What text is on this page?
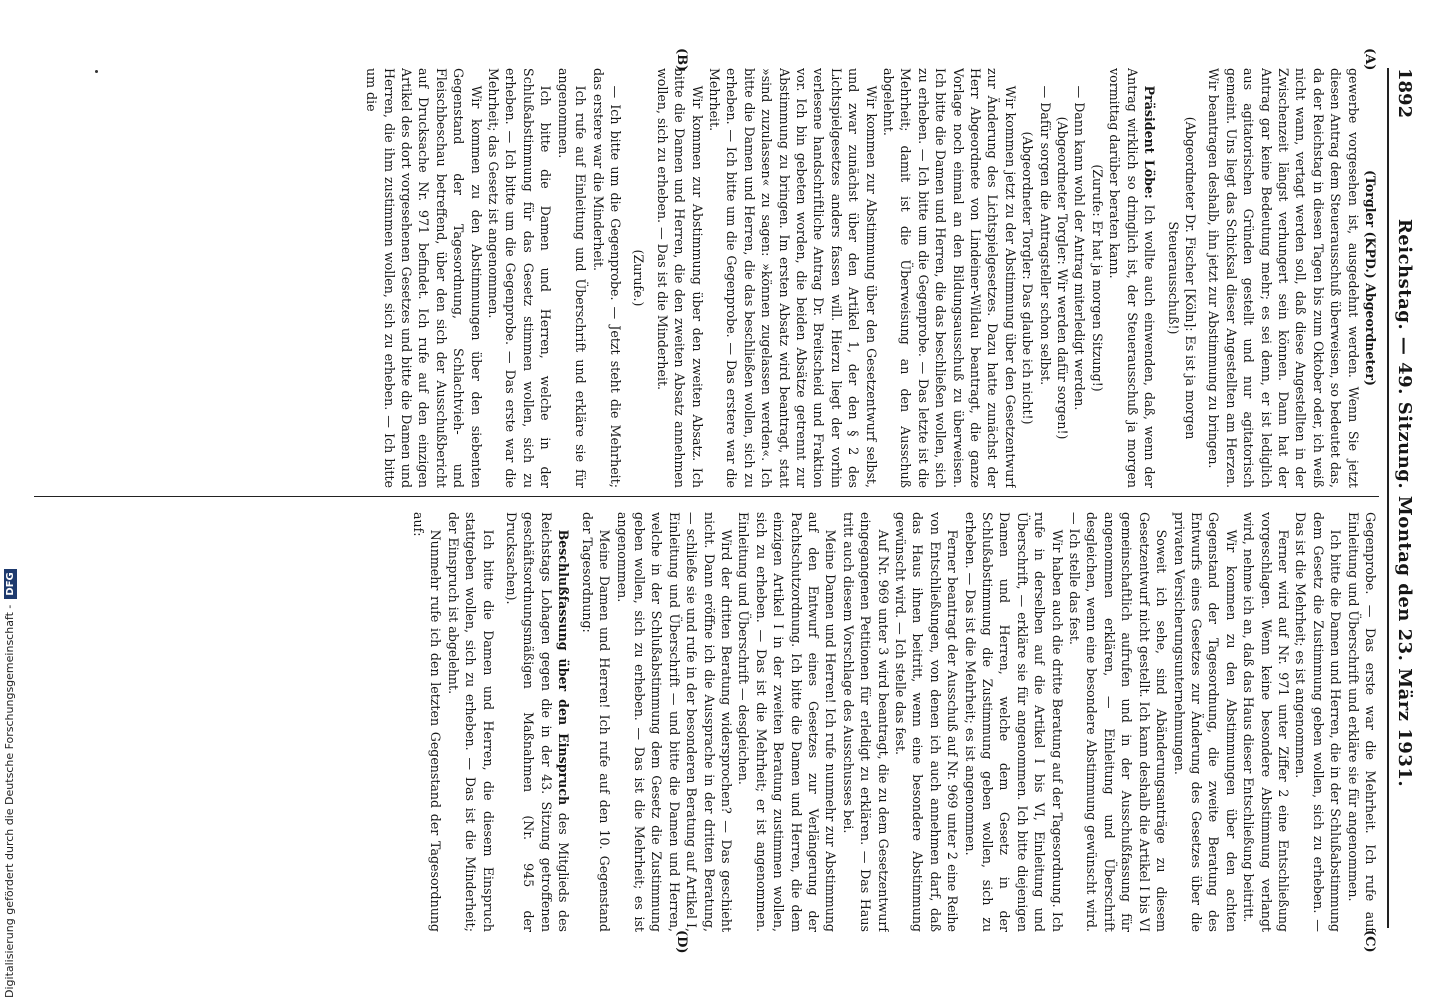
1892
Reichstag. — 49. Sitzung. Montag den 23. März 1931.
(A)
(B)
(C)
(D)

(Torgler (KPD.) Abgeordneter)

gewerbe vorgesehen ist, ausgedehnt werden. Wenn Sie jetzt diesen Antrag dem Steuerausschuß überweisen, so bedeutet das, da der Reichstag in diesen Tagen bis zum Oktober oder, ich weiß nicht wann, vertagt werden soll, daß diese Angestellten in der Zwischenzeit längst verhungert sein können. Dann hat der Antrag gar keine Bedeutung mehr; es sei denn, er ist lediglich aus agitatorischen Gründen gestellt und nur agitatorisch gemeint. Uns liegt das Schicksal dieser Angestellten am Herzen. Wir beantragen deshalb, ihn jetzt zur Abstimmung zu bringen.

(Abgeordneter Dr. Fischer [Köln]: Es ist ja morgen Steuerausschuß!)

Präsident Löbe: Ich wollte auch einwenden, daß, wenn der Antrag wirklich so dringlich ist, der Steuerausschuß ja morgen vormittag darüber beraten kann.

(Zurufe: Er hat ja morgen Sitzung!)

— Dann kann wohl der Antrag miterledigt werden.

(Abgeordneter Torgler: Wir werden dafür sorgen!)

— Dafür sorgen die Antragsteller schon selbst.

(Abgeordneter Torgler: Das glaube ich nicht!)

Wir kommen jetzt zu der Abstimmung über den Gesetzentwurf zur Änderung des Lichtspielgesetzes. Dazu hatte zunächst der Herr Abgeordnete von Lindeiner-Wildau beantragt, die ganze Vorlage noch einmal an den Bildungsausschuß zu überweisen. Ich bitte die Damen und Herren, die das beschließen wollen, sich zu erheben. — Ich bitte um die Gegenprobe. — Das letzte ist die Mehrheit; damit ist die Überweisung an den Ausschuß abgelehnt.

Wir kommen zur Abstimmung über den Gesetzentwurf selbst, und zwar zunächst über den Artikel 1, der den § 2 des Lichtspielgesetzes anders fassen will. Hierzu liegt der vorhin verlesene handschriftliche Antrag Dr. Breitscheid und Fraktion vor. Ich bin gebeten worden, die beiden Absätze getrennt zur Abstimmung zu bringen. Im ersten Absatz wird beantragt, statt »sind zuzulassen« zu sagen: »können zugelassen werden«. Ich bitte die Damen und Herren, die das beschließen wollen, sich zu erheben. — Ich bitte um die Gegenprobe. — Das erstere war die Mehrheit.

Wir kommen zur Abstimmung über den zweiten Absatz. Ich bitte die Damen und Herren, die den zweiten Absatz annehmen wollen, sich zu erheben. — Das ist die Minderheit.

(Zurufe.)

— Ich bitte um die Gegenprobe. — Jetzt steht die Mehrheit; das erstere war die Minderheit.

Ich rufe auf Einleitung und Überschrift und erkläre sie für angenommen.

Ich bitte die Damen und Herren, welche in der Schlußabstimmung für das Gesetz stimmen wollen, sich zu erheben. — Ich bitte um die Gegenprobe. — Das erste war die Mehrheit; das Gesetz ist angenommen.

Wir kommen zu den Abstimmungen über den siebenten Gegenstand der Tagesordnung, Schlachtvieh- und Fleischbeschau betreffend, über den sich der Ausschußbericht auf Drucksache Nr. 971 befindet. Ich rufe auf den einzigen Artikel des dort vorgesehenen Gesetzes und bitte die Damen und Herren, die ihm zustimmen wollen, sich zu erheben. — Ich bitte um die

Gegenprobe. — Das erste war die Mehrheit. Ich rufe auf Einleitung und Überschrift und erkläre sie für angenommen.

Ich bitte die Damen und Herren, die in der Schlußabstimmung dem Gesetz die Zustimmung geben wollen, sich zu erheben. — Das ist die Mehrheit; es ist angenommen.

Ferner wird auf Nr. 971 unter Ziffer 2 eine Entschließung vorgeschlagen. Wenn keine besondere Abstimmung verlangt wird, nehme ich an, daß das Haus dieser Entschließung beitritt.

Wir kommen zu den Abstimmungen über den achten Gegenstand der Tagesordnung, die zweite Beratung des Entwurfs eines Gesetzes zur Änderung des Gesetzes über die privaten Versicherungsunternehmungen.

Soweit ich sehe, sind Abänderungsanträge zu diesem Gesetzentwurf nicht gestellt. Ich kann deshalb die Artikel I bis VI gemeinschaftlich aufrufen und in der Ausschußfassung für angenommen erklären, — Einleitung und Überschrift desgleichen, wenn eine besondere Abstimmung gewünscht wird. — Ich stelle das fest.

Wir haben auch die dritte Beratung auf der Tagesordnung. Ich rufe in derselben auf die Artikel I bis VI, Einleitung und Überschrift, — erkläre sie für angenommen. Ich bitte diejenigen Damen und Herren, welche dem Gesetz in der Schlußabstimmung die Zustimmung geben wollen, sich zu erheben. — Das ist die Mehrheit; es ist angenommen.

Ferner beantragt der Ausschuß auf Nr. 969 unter 2 eine Reihe von Entschließungen, von denen ich auch annehmen darf, daß das Haus ihnen beitritt, wenn eine besondere Abstimmung gewünscht wird. — Ich stelle das fest.

Auf Nr. 969 unter 3 wird beantragt, die zu dem Gesetzentwurf eingegangenen Petitionen für erledigt zu erklären. — Das Haus tritt auch diesem Vorschlage des Ausschusses bei.

Meine Damen und Herren! Ich rufe nunmehr zur Abstimmung auf den Entwurf eines Gesetzes zur Verlängerung der Pachtschutzordnung. Ich bitte die Damen und Herren, die dem einzigen Artikel I in der zweiten Beratung zustimmen wollen, sich zu erheben. — Das ist die Mehrheit; er ist angenommen. Einleitung und Überschrift — desgleichen.

Wird der dritten Beratung widersprochen? — Das geschieht nicht. Dann eröffne ich die Aussprache in der dritten Beratung, — schließe sie und rufe in der besonderen Beratung auf Artikel I, Einleitung und Überschrift — und bitte die Damen und Herren, welche in der Schlußabstimmung dem Gesetz die Zustimmung geben wollen, sich zu erheben. — Das ist die Mehrheit; es ist angenommen.

Meine Damen und Herren! Ich rufe auf den 10. Gegenstand der Tagesordnung:

Beschlußfassung über den Einspruch des Mitglieds des Reichstags Lohagen gegen die in der 43. Sitzung getroffenen geschäftsordnungsmäßigen Maßnahmen (Nr. 945 der Drucksachen).

Ich bitte die Damen und Herren, die diesem Einspruch stattgeben wollen, sich zu erheben. — Das ist die Minderheit; der Einspruch ist abgelehnt.

Nunmehr rufe ich den letzten Gegenstand der Tagesordnung auf:

Digitalisierung gefördert durch die Deutsche Forschungsgemeinschaft -DFG
